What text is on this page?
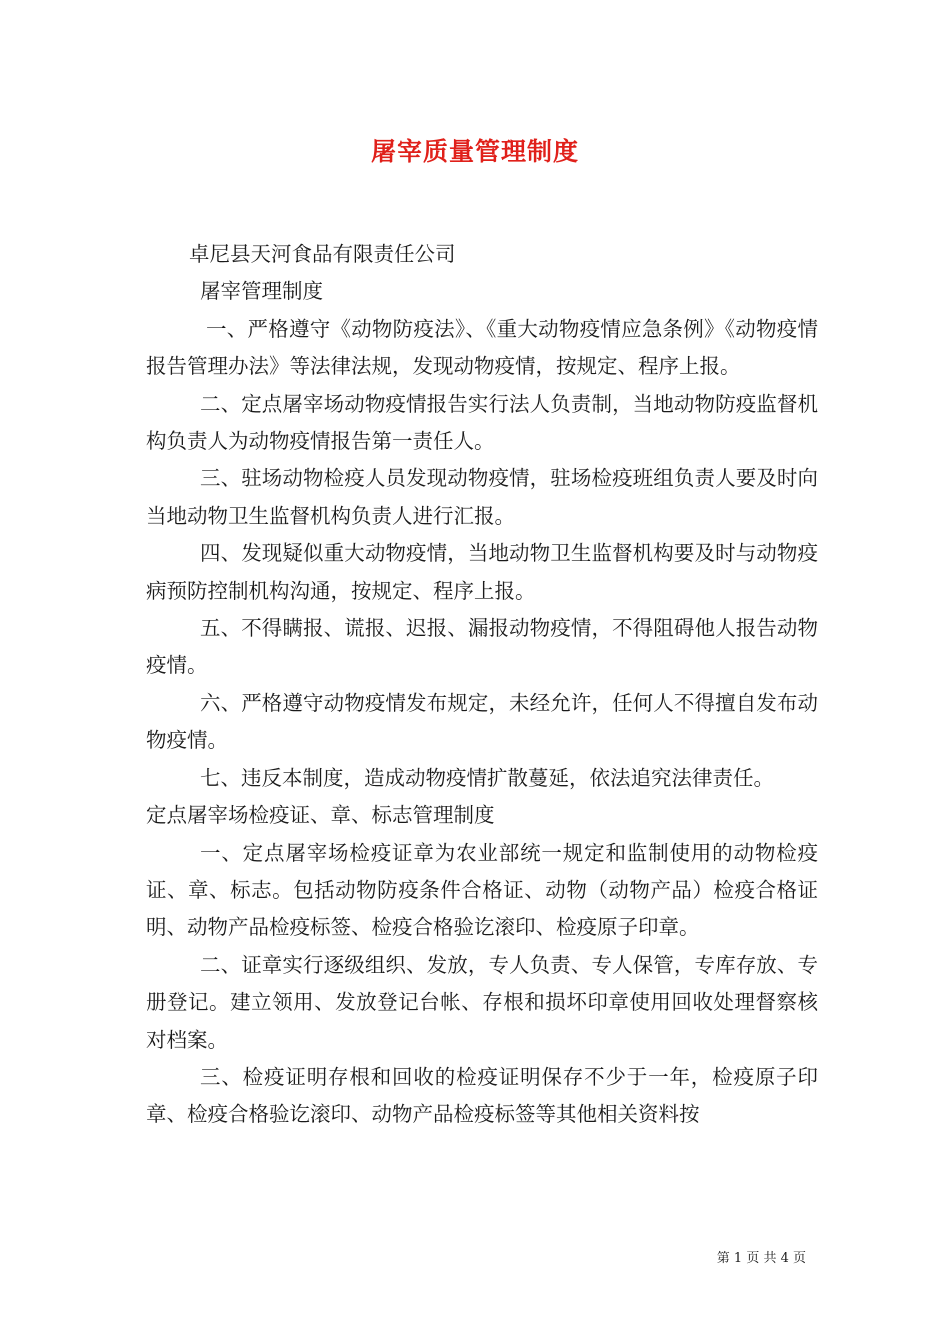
屠宰质量管理制度

卓尼县天河食品有限责任公司

屠宰管理制度

一、严格遵守《动物防疫法》、《重大动物疫情应急条例》《动物疫情报告管理办法》等法律法规，发现动物疫情，按规定、程序上报。

二、定点屠宰场动物疫情报告实行法人负责制，当地动物防疫监督机构负责人为动物疫情报告第一责任人。

三、驻场动物检疫人员发现动物疫情，驻场检疫班组负责人要及时向当地动物卫生监督机构负责人进行汇报。

四、发现疑似重大动物疫情，当地动物卫生监督机构要及时与动物疫病预防控制机构沟通，按规定、程序上报。

五、不得瞒报、谎报、迟报、漏报动物疫情，不得阻碍他人报告动物疫情。

六、严格遵守动物疫情发布规定，未经允许，任何人不得擅自发布动物疫情。

七、违反本制度，造成动物疫情扩散蔓延，依法追究法律责任。

定点屠宰场检疫证、章、标志管理制度

一、定点屠宰场检疫证章为农业部统一规定和监制使用的动物检疫证、章、标志。包括动物防疫条件合格证、动物（动物产品）检疫合格证明、动物产品检疫标签、检疫合格验讫滚印、检疫原子印章。

二、证章实行逐级组织、发放，专人负责、专人保管，专库存放、专册登记。建立领用、发放登记台帐、存根和损坏印章使用回收处理督察核对档案。

三、检疫证明存根和回收的检疫证明保存不少于一年，检疫原子印章、检疫合格验讫滚印、动物产品检疫标签等其他相关资料按

第 1 页 共 4 页
